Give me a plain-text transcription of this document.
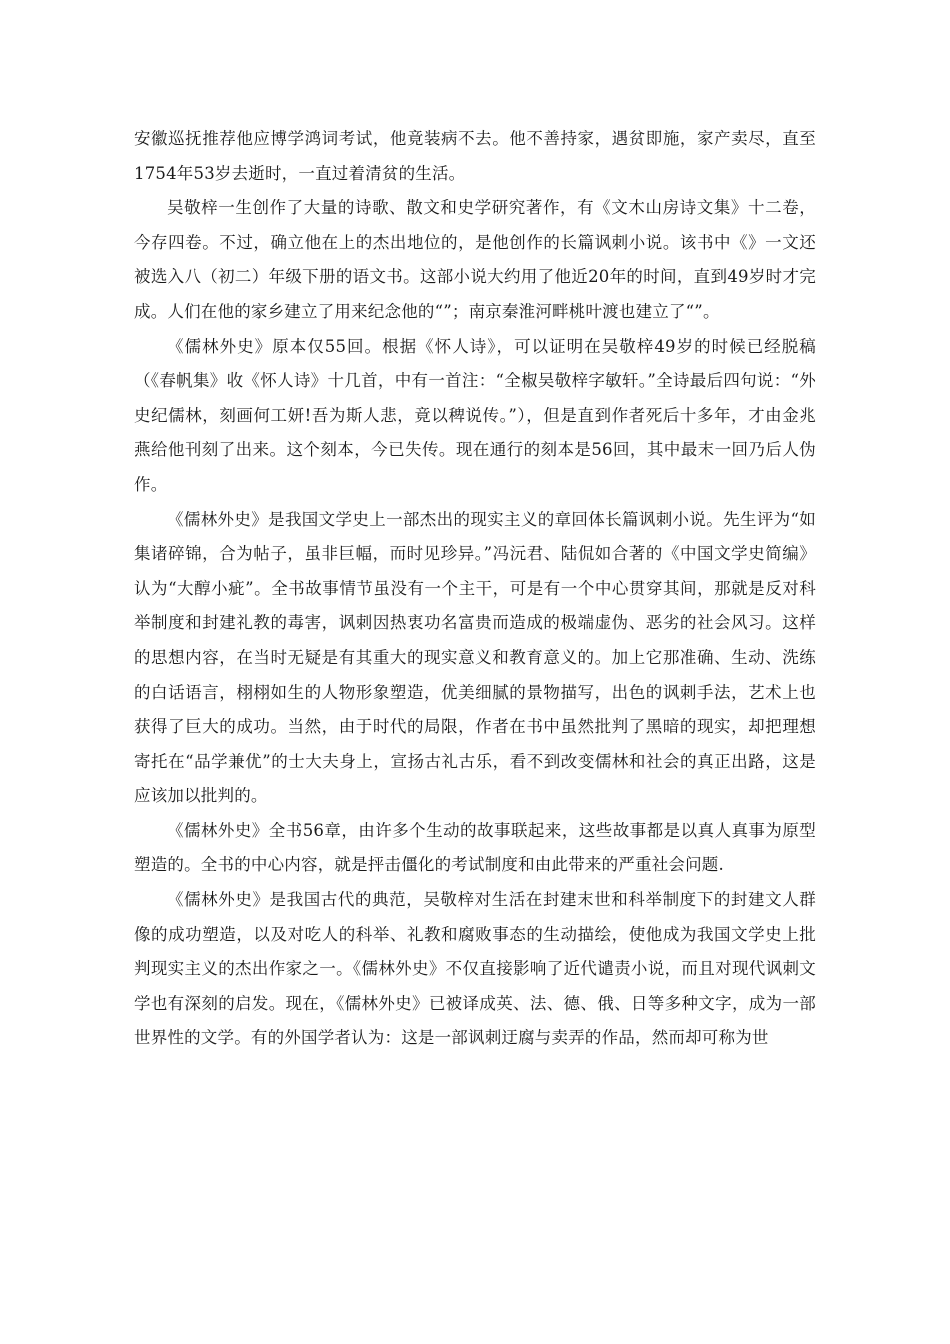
安徽巡抚推荐他应博学鸿词考试，他竟装病不去。他不善持家，遇贫即施，家产卖尽，直至1754年53岁去逝时，一直过着清贫的生活。

吴敬梓一生创作了大量的诗歌、散文和史学研究著作，有《文木山房诗文集》十二卷，今存四卷。不过，确立他在上的杰出地位的，是他创作的长篇讽刺小说。该书中《》一文还被选入八（初二）年级下册的语文书。这部小说大约用了他近20年的时间，直到49岁时才完成。人们在他的家乡建立了用来纪念他的“”；南京秦淮河畔桃叶渡也建立了“”。

《儒林外史》原本仅55回。根据《怀人诗》，可以证明在吴敬梓49岁的时候已经脱稿（《春帆集》收《怀人诗》十几首，中有一首注：“全椒吴敬梓字敏轩。”全诗最后四句说：“外史纪儒林，刻画何工妍!吾为斯人悲，竟以稗说传。”），但是直到作者死后十多年，才由金兆燕给他刊刻了出来。这个刻本，今已失传。现在通行的刻本是56回，其中最末一回乃后人伪作。

《儒林外史》是我国文学史上一部杰出的现实主义的章回体长篇讽刺小说。先生评为“如集诸碎锦，合为帖子，虽非巨幅，而时见珍异。”冯沅君、陆侃如合著的《中国文学史简编》认为“大醇小疵”。全书故事情节虽没有一个主干，可是有一个中心贯穿其间，那就是反对科举制度和封建礼教的毒害，讽刺因热衷功名富贵而造成的极端虚伪、恶劣的社会风习。这样的思想内容，在当时无疑是有其重大的现实意义和教育意义的。加上它那准确、生动、洗练的白话语言，栩栩如生的人物形象塑造，优美细腻的景物描写，出色的讽刺手法，艺术上也获得了巨大的成功。当然，由于时代的局限，作者在书中虽然批判了黑暗的现实，却把理想寄托在“品学兼优”的士大夫身上，宣扬古礼古乐，看不到改变儒林和社会的真正出路，这是应该加以批判的。

《儒林外史》全书56章，由许多个生动的故事联起来，这些故事都是以真人真事为原型塑造的。全书的中心内容，就是抨击僵化的考试制度和由此带来的严重社会问题.

《儒林外史》是我国古代的典范，吴敬梓对生活在封建末世和科举制度下的封建文人群像的成功塑造，以及对吃人的科举、礼教和腐败事态的生动描绘，使他成为我国文学史上批判现实主义的杰出作家之一。《儒林外史》不仅直接影响了近代谴责小说，而且对现代讽刺文学也有深刻的启发。现在，《儒林外史》已被译成英、法、德、俄、日等多种文字，成为一部世界性的文学。有的外国学者认为：这是一部讽刺迂腐与卖弄的作品，然而却可称为世
